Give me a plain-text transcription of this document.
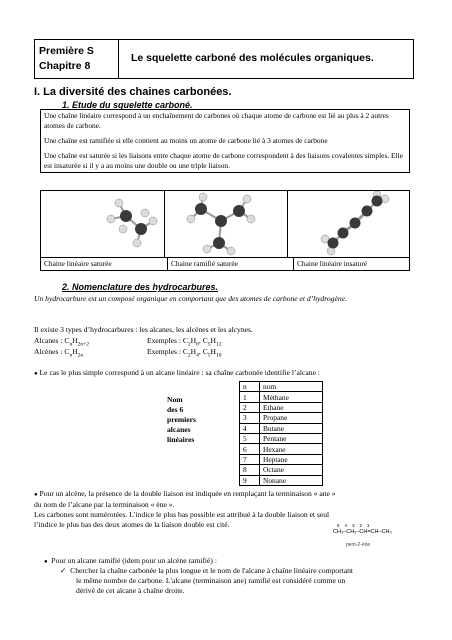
Première S
Chapitre 8
Le squelette carboné des molécules organiques.
I. La diversité des chaines carbonées.
1. Etude du squelette carboné.

Une chaîne linéaire correspond à un enchaînement de carbones où chaque atome de carbone est lié au plus à 2 autres atomes de carbone.

Une chaîne est ramifiée si elle contient au moins un atome de carbone lié à 3 atomes de carbone

Une chaîne est saturée si les liaisons entre chaque atome de carbone correspondent à des liaisons covalentes simples. Elle est insaturée si il y a au moins une double ou une triple liaison.

Chaine linéaire saturée	Chaine ramifié saturée	Chaine linéaire insaturé
2. Nomenclature des hydrocarbures.
Un hydrocarbure est un composé organique en comportant que des atomes de carbone et d’hydrogène.
Il existe 3 types d’hydrocarbures : les alcanes, les alcènes et les alcynes.
Alcanes : $C_nH_{2n+2}$	Exemples : $C_2H_6$, $C_5H_{12}$
Alcènes : $C_nH_{2n}$	Exemples : $C_2H_4$, $C_5H_{10}$
● Le cas le plus simple correspond à un alcane linéaire : sa chaîne carbonée identifie l’alcane :
Nom
des 6
premiers
alcanes
linéaires
n	nom
1	Méthane
2	Ethane
3	Propane
4	Butane
5	Pentane
6	Hexane
7	Heptane
8	Octane
9	Nonane
● Pour un alcène, la présence de la double liaison est indiquée en remplaçant la terminaison « ane »
du nom de l’alcane par la terminaison « ène ».
Les carbones sont numérotées. L’indice le plus bas possible est attribué à la double liaison et seul
l’indice le plus bas des deux atomes de la liaison double est cité.	5    4    3    2    1
CH₃–CH₂–CH=CH–CH₃
pent-2-ène
● Pour un alcane ramifié (idem pour un alcène ramifié) :
✓ Chercher la chaîne carbonée la plus longue et le nom de l'alcane à chaîne linéaire comportant
le même nombre de carbone. L'alcane (terminaison ane) ramifié est considéré comme un
dérivé de cet alcane à chaîne droite.
